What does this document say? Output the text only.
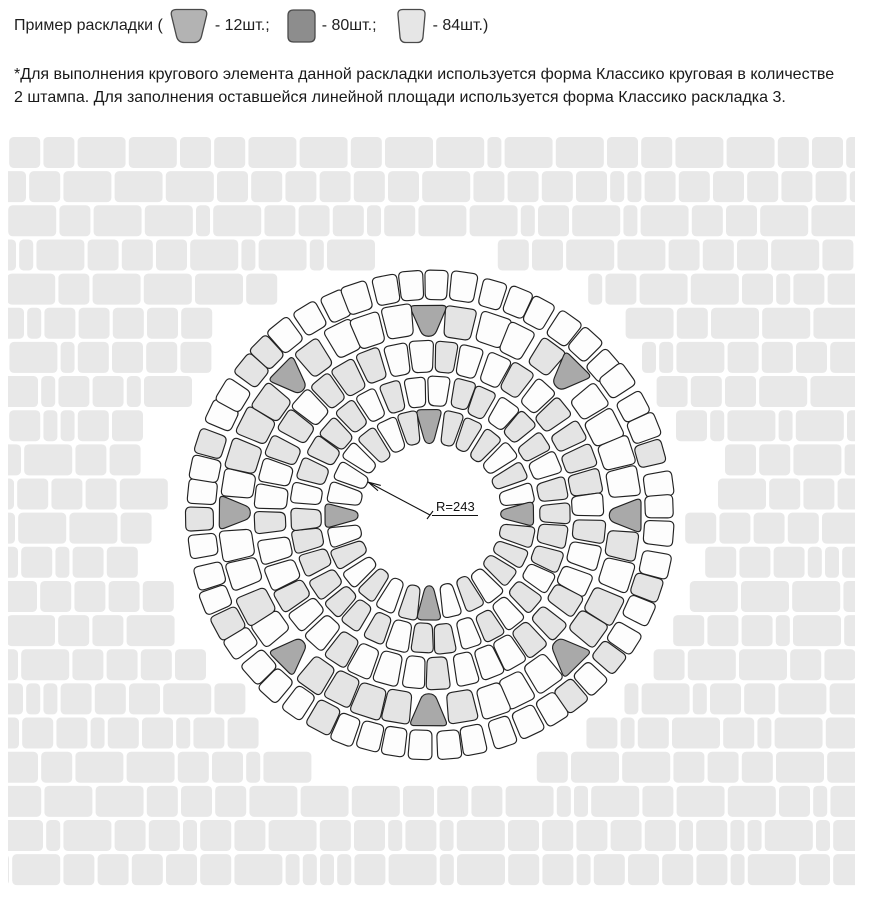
Пример раскладки (	- 12шт.;	- 80шт.;	- 84шт.)

*Для выполнения кругового элемента данной раскладки используется форма Классико круговая в количестве
2 штампа. Для заполнения оставшейся линейной площади используется форма Классико раскладка 3.

R=243
